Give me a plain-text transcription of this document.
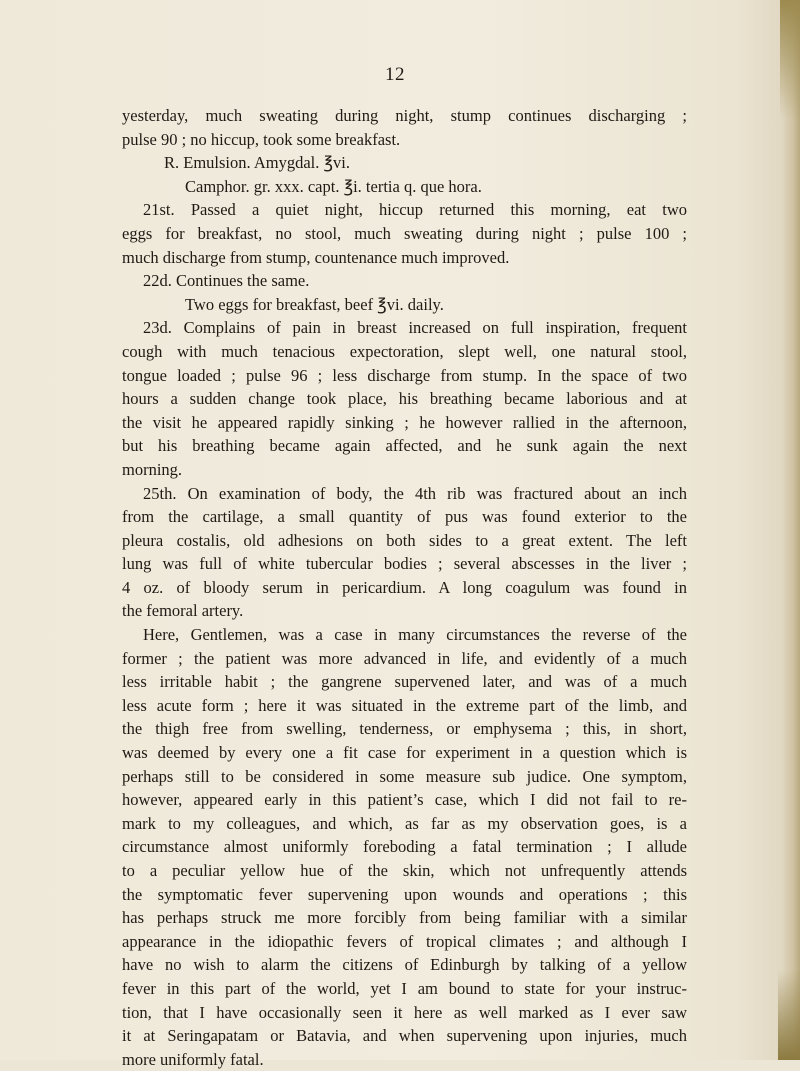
12
yesterday, much sweating during night, stump continues discharging ;
pulse 90 ; no hiccup, took some breakfast.
R. Emulsion. Amygdal. ℥vi.
Camphor. gr. xxx. capt. ℥i. tertia q. que hora.
21st. Passed a quiet night, hiccup returned this morning, eat two
eggs for breakfast, no stool, much sweating during night ; pulse 100 ;
much discharge from stump, countenance much improved.
22d. Continues the same.
Two eggs for breakfast, beef ℥vi. daily.
23d. Complains of pain in breast increased on full inspiration, frequent
cough with much tenacious expectoration, slept well, one natural stool,
tongue loaded ; pulse 96 ; less discharge from stump. In the space of two
hours a sudden change took place, his breathing became laborious and at
the visit he appeared rapidly sinking ; he however rallied in the afternoon,
but his breathing became again affected, and he sunk again the next
morning.
25th. On examination of body, the 4th rib was fractured about an inch
from the cartilage, a small quantity of pus was found exterior to the
pleura costalis, old adhesions on both sides to a great extent. The left
lung was full of white tubercular bodies ; several abscesses in the liver ;
4 oz. of bloody serum in pericardium. A long coagulum was found in
the femoral artery.
Here, Gentlemen, was a case in many circumstances the reverse of the
former ; the patient was more advanced in life, and evidently of a much
less irritable habit ; the gangrene supervened later, and was of a much
less acute form ; here it was situated in the extreme part of the limb, and
the thigh free from swelling, tenderness, or emphysema ; this, in short,
was deemed by every one a fit case for experiment in a question which is
perhaps still to be considered in some measure sub judice. One symptom,
however, appeared early in this patient’s case, which I did not fail to re-
mark to my colleagues, and which, as far as my observation goes, is a
circumstance almost uniformly foreboding a fatal termination ; I allude
to a peculiar yellow hue of the skin, which not unfrequently attends
the symptomatic fever supervening upon wounds and operations ; this
has perhaps struck me more forcibly from being familiar with a similar
appearance in the idiopathic fevers of tropical climates ; and although I
have no wish to alarm the citizens of Edinburgh by talking of a yellow
fever in this part of the world, yet I am bound to state for your instruc-
tion, that I have occasionally seen it here as well marked as I ever saw
it at Seringapatam or Batavia, and when supervening upon injuries, much
more uniformly fatal.
